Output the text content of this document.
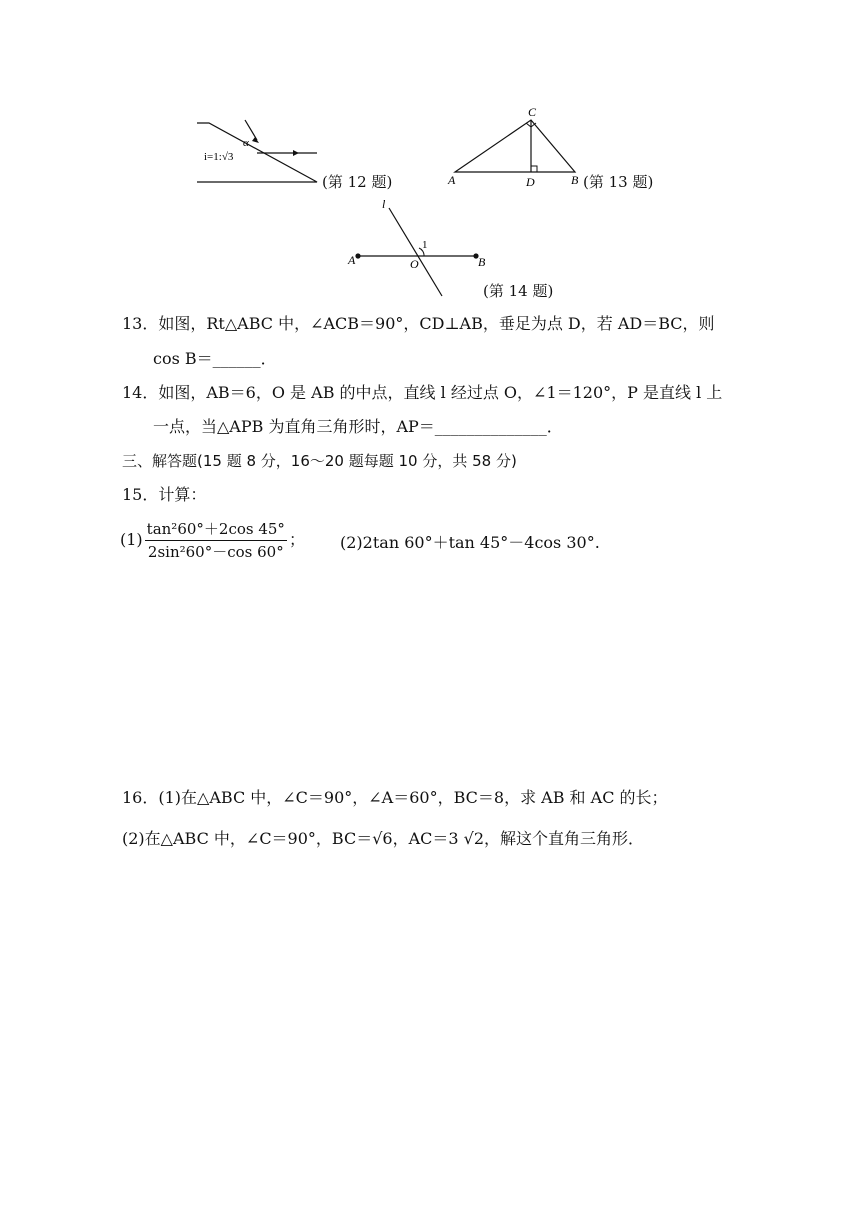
α
i=1:√3
(第 12 题)
C
A	D	B (第 13 题)
l
A	O	B
1
(第 14 题)
13．如图，Rt△ABC 中，∠ACB＝90°，CD⊥AB，垂足为点 D，若 AD＝BC，则
cos B＝______．
14．如图，AB＝6，O 是 AB 的中点，直线 l 经过点 O，∠1＝120°，P 是直线 l 上
一点，当△APB 为直角三角形时，AP＝______________．
三、解答题(15 题 8 分，16～20 题每题 10 分，共 58 分)
15．计算：
$(1) \frac{\text{tan²60°＋2cos 45°}}{\text{2sin²60°－cos 60°}}$ ； (2)2tan 60°＋tan 45°－4cos 30°.
16．(1)在△ABC 中，∠C＝90°，∠A＝60°，BC＝8，求 AB 和 AC 的长；
(2)在△ABC 中，∠C＝90°，BC＝√6，AC＝3 √2，解这个直角三角形．
